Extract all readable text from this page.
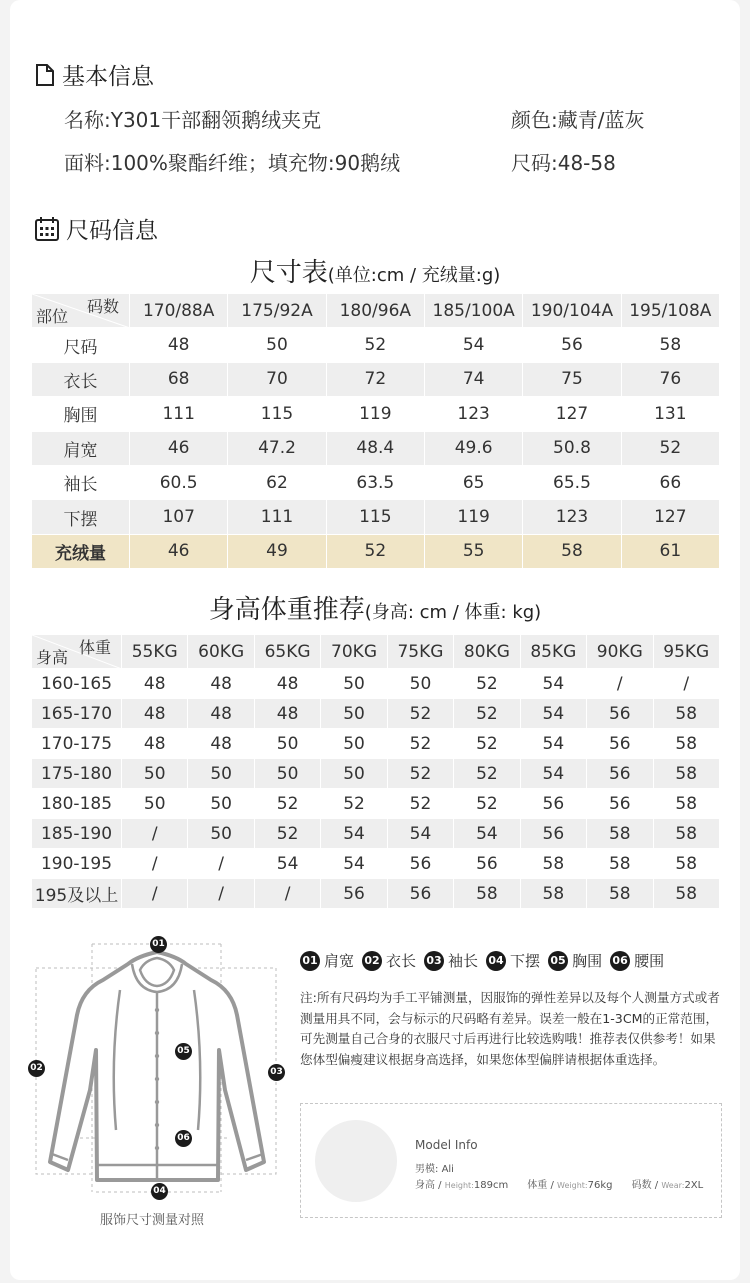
基本信息
名称:Y301干部翻领鹅绒夹克	颜色:藏青/蓝灰
面料:100%聚酯纤维；填充物:90鹅绒	尺码:48-58
尺码信息
尺寸表(单位:cm / 充绒量:g)
码数
部位	170/88A	175/92A	180/96A	185/100A	190/104A	195/108A
尺码	48	50	52	54	56	58
衣长	68	70	72	74	75	76
胸围	111	115	119	123	127	131
肩宽	46	47.2	48.4	49.6	50.8	52
袖长	60.5	62	63.5	65	65.5	66
下摆	107	111	115	119	123	127
充绒量	46	49	52	55	58	61
身高体重推荐(身高: cm / 体重: kg)
体重
身高	55KG	60KG	65KG	70KG	75KG	80KG	85KG	90KG	95KG
160-165	48	48	48	50	50	52	54	/	/
165-170	48	48	48	50	52	52	54	56	58
170-175	48	48	50	50	52	52	54	56	58
175-180	50	50	50	50	52	52	54	56	58
180-185	50	50	52	52	52	52	56	56	58
185-190	/	50	52	54	54	54	56	58	58
190-195	/	/	54	54	56	56	58	58	58
195及以上	/	/	/	56	56	58	58	58	58
01
02	03
04
05
06
服饰尺寸测量对照
01 肩宽 02 衣长 03 袖长 04 下摆 05 胸围 06 腰围
注:所有尺码均为手工平铺测量，因服饰的弹性差异以及每个人测量方式或者测量用具不同，会与标示的尺码略有差异。误差一般在1-3CM的正常范围，可先测量自己合身的衣服尺寸后再进行比较选购哦！推荐表仅供参考！如果您体型偏瘦建议根据身高选择，如果您体型偏胖请根据体重选择。
Model Info
男模: Ali
身高 / Height:189cm 体重 / Weight:76kg 码数 / Wear:2XL
